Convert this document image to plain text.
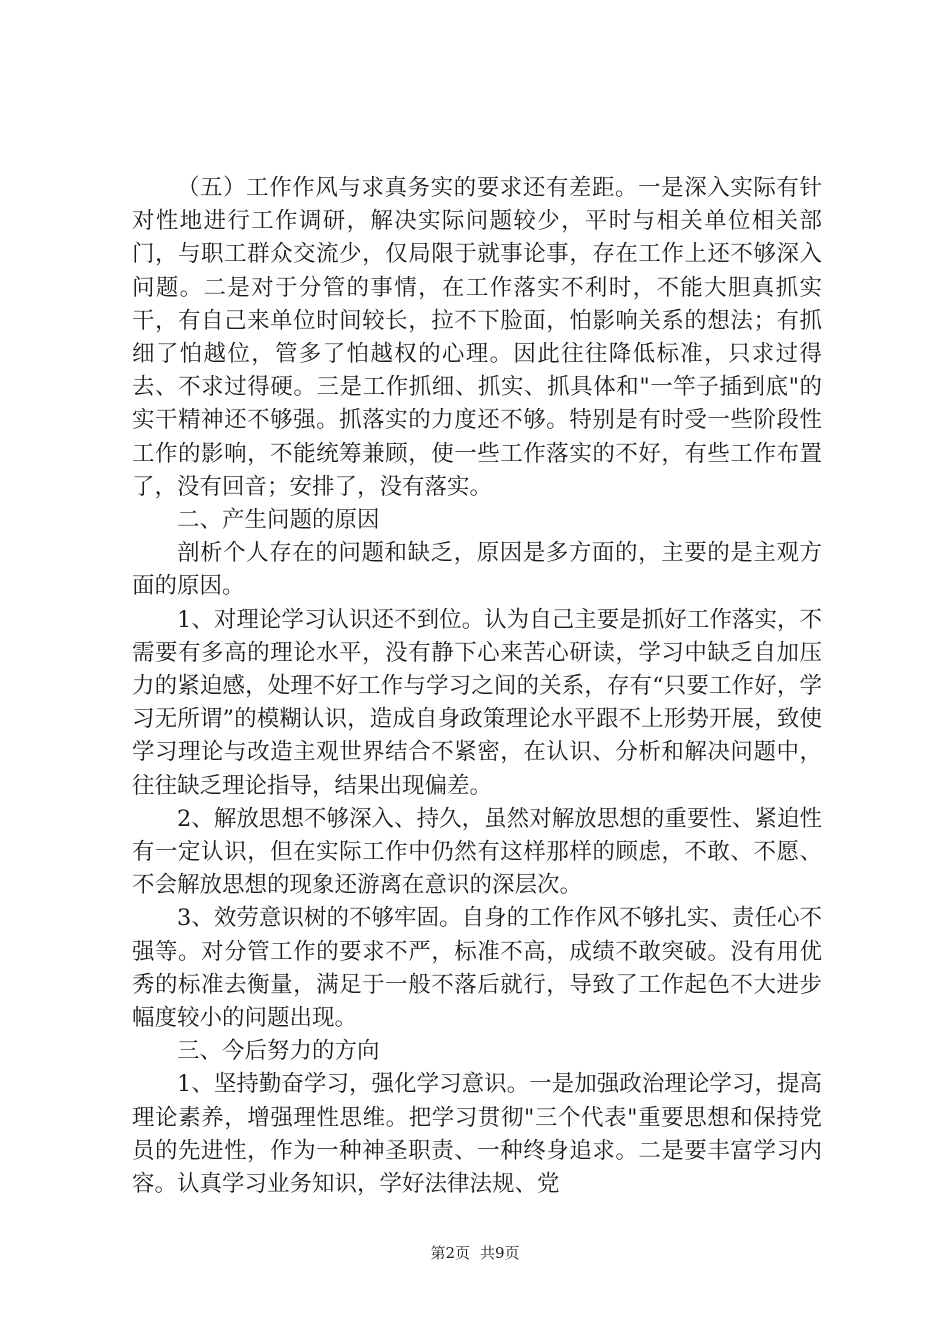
（五）工作作风与求真务实的要求还有差距。一是深入实际有针对性地进行工作调研，解决实际问题较少，平时与相关单位相关部门，与职工群众交流少，仅局限于就事论事，存在工作上还不够深入问题。二是对于分管的事情，在工作落实不利时，不能大胆真抓实干，有自己来单位时间较长，拉不下脸面，怕影响关系的想法；有抓细了怕越位，管多了怕越权的心理。因此往往降低标准，只求过得去、不求过得硬。三是工作抓细、抓实、抓具体和"一竿子插到底"的实干精神还不够强。抓落实的力度还不够。特别是有时受一些阶段性工作的影响，不能统筹兼顾，使一些工作落实的不好，有些工作布置了，没有回音；安排了，没有落实。

二、产生问题的原因

剖析个人存在的问题和缺乏，原因是多方面的，主要的是主观方面的原因。

1、对理论学习认识还不到位。认为自己主要是抓好工作落实，不需要有多高的理论水平，没有静下心来苦心研读，学习中缺乏自加压力的紧迫感，处理不好工作与学习之间的关系，存有“只要工作好，学习无所谓”的模糊认识，造成自身政策理论水平跟不上形势开展，致使学习理论与改造主观世界结合不紧密，在认识、分析和解决问题中，往往缺乏理论指导，结果出现偏差。

2、解放思想不够深入、持久，虽然对解放思想的重要性、紧迫性有一定认识，但在实际工作中仍然有这样那样的顾虑，不敢、不愿、不会解放思想的现象还游离在意识的深层次。

3、效劳意识树的不够牢固。自身的工作作风不够扎实、责任心不强等。对分管工作的要求不严，标准不高，成绩不敢突破。没有用优秀的标准去衡量，满足于一般不落后就行，导致了工作起色不大进步幅度较小的问题出现。

三、今后努力的方向

1、坚持勤奋学习，强化学习意识。一是加强政治理论学习，提高理论素养，增强理性思维。把学习贯彻"三个代表"重要思想和保持党员的先进性，作为一种神圣职责、一种终身追求。二是要丰富学习内容。认真学习业务知识，学好法律法规、党

第2页 共9页
